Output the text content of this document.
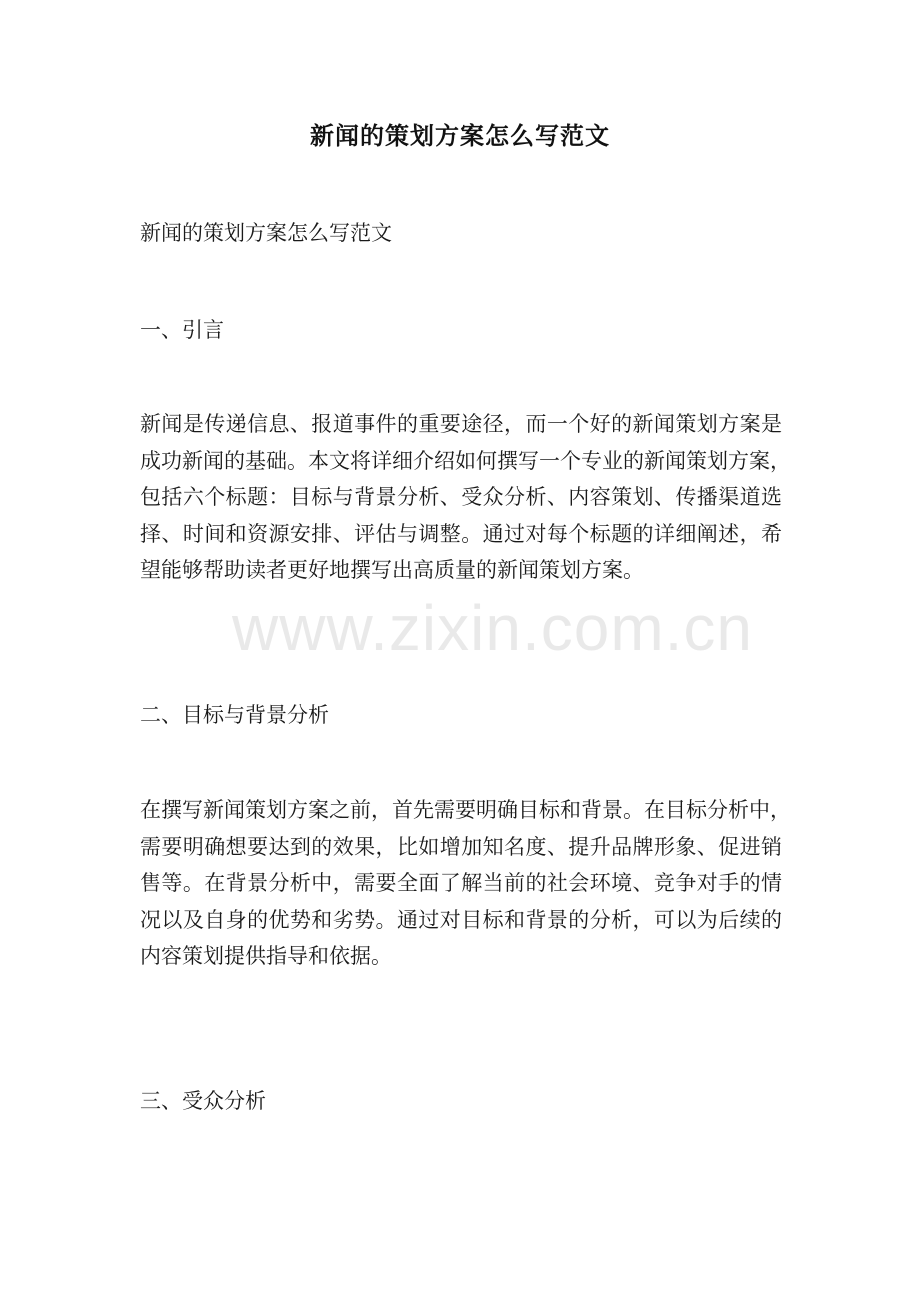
新闻的策划方案怎么写范文
新闻的策划方案怎么写范文
一、引言
新闻是传递信息、报道事件的重要途径，而一个好的新闻策划方案是
成功新闻的基础。本文将详细介绍如何撰写一个专业的新闻策划方案，
包括六个标题：目标与背景分析、受众分析、内容策划、传播渠道选
择、时间和资源安排、评估与调整。通过对每个标题的详细阐述，希
望能够帮助读者更好地撰写出高质量的新闻策划方案。
二、目标与背景分析
在撰写新闻策划方案之前，首先需要明确目标和背景。在目标分析中，
需要明确想要达到的效果，比如增加知名度、提升品牌形象、促进销
售等。在背景分析中，需要全面了解当前的社会环境、竞争对手的情
况以及自身的优势和劣势。通过对目标和背景的分析，可以为后续的
内容策划提供指导和依据。
三、受众分析
www.zixin.com.cn
